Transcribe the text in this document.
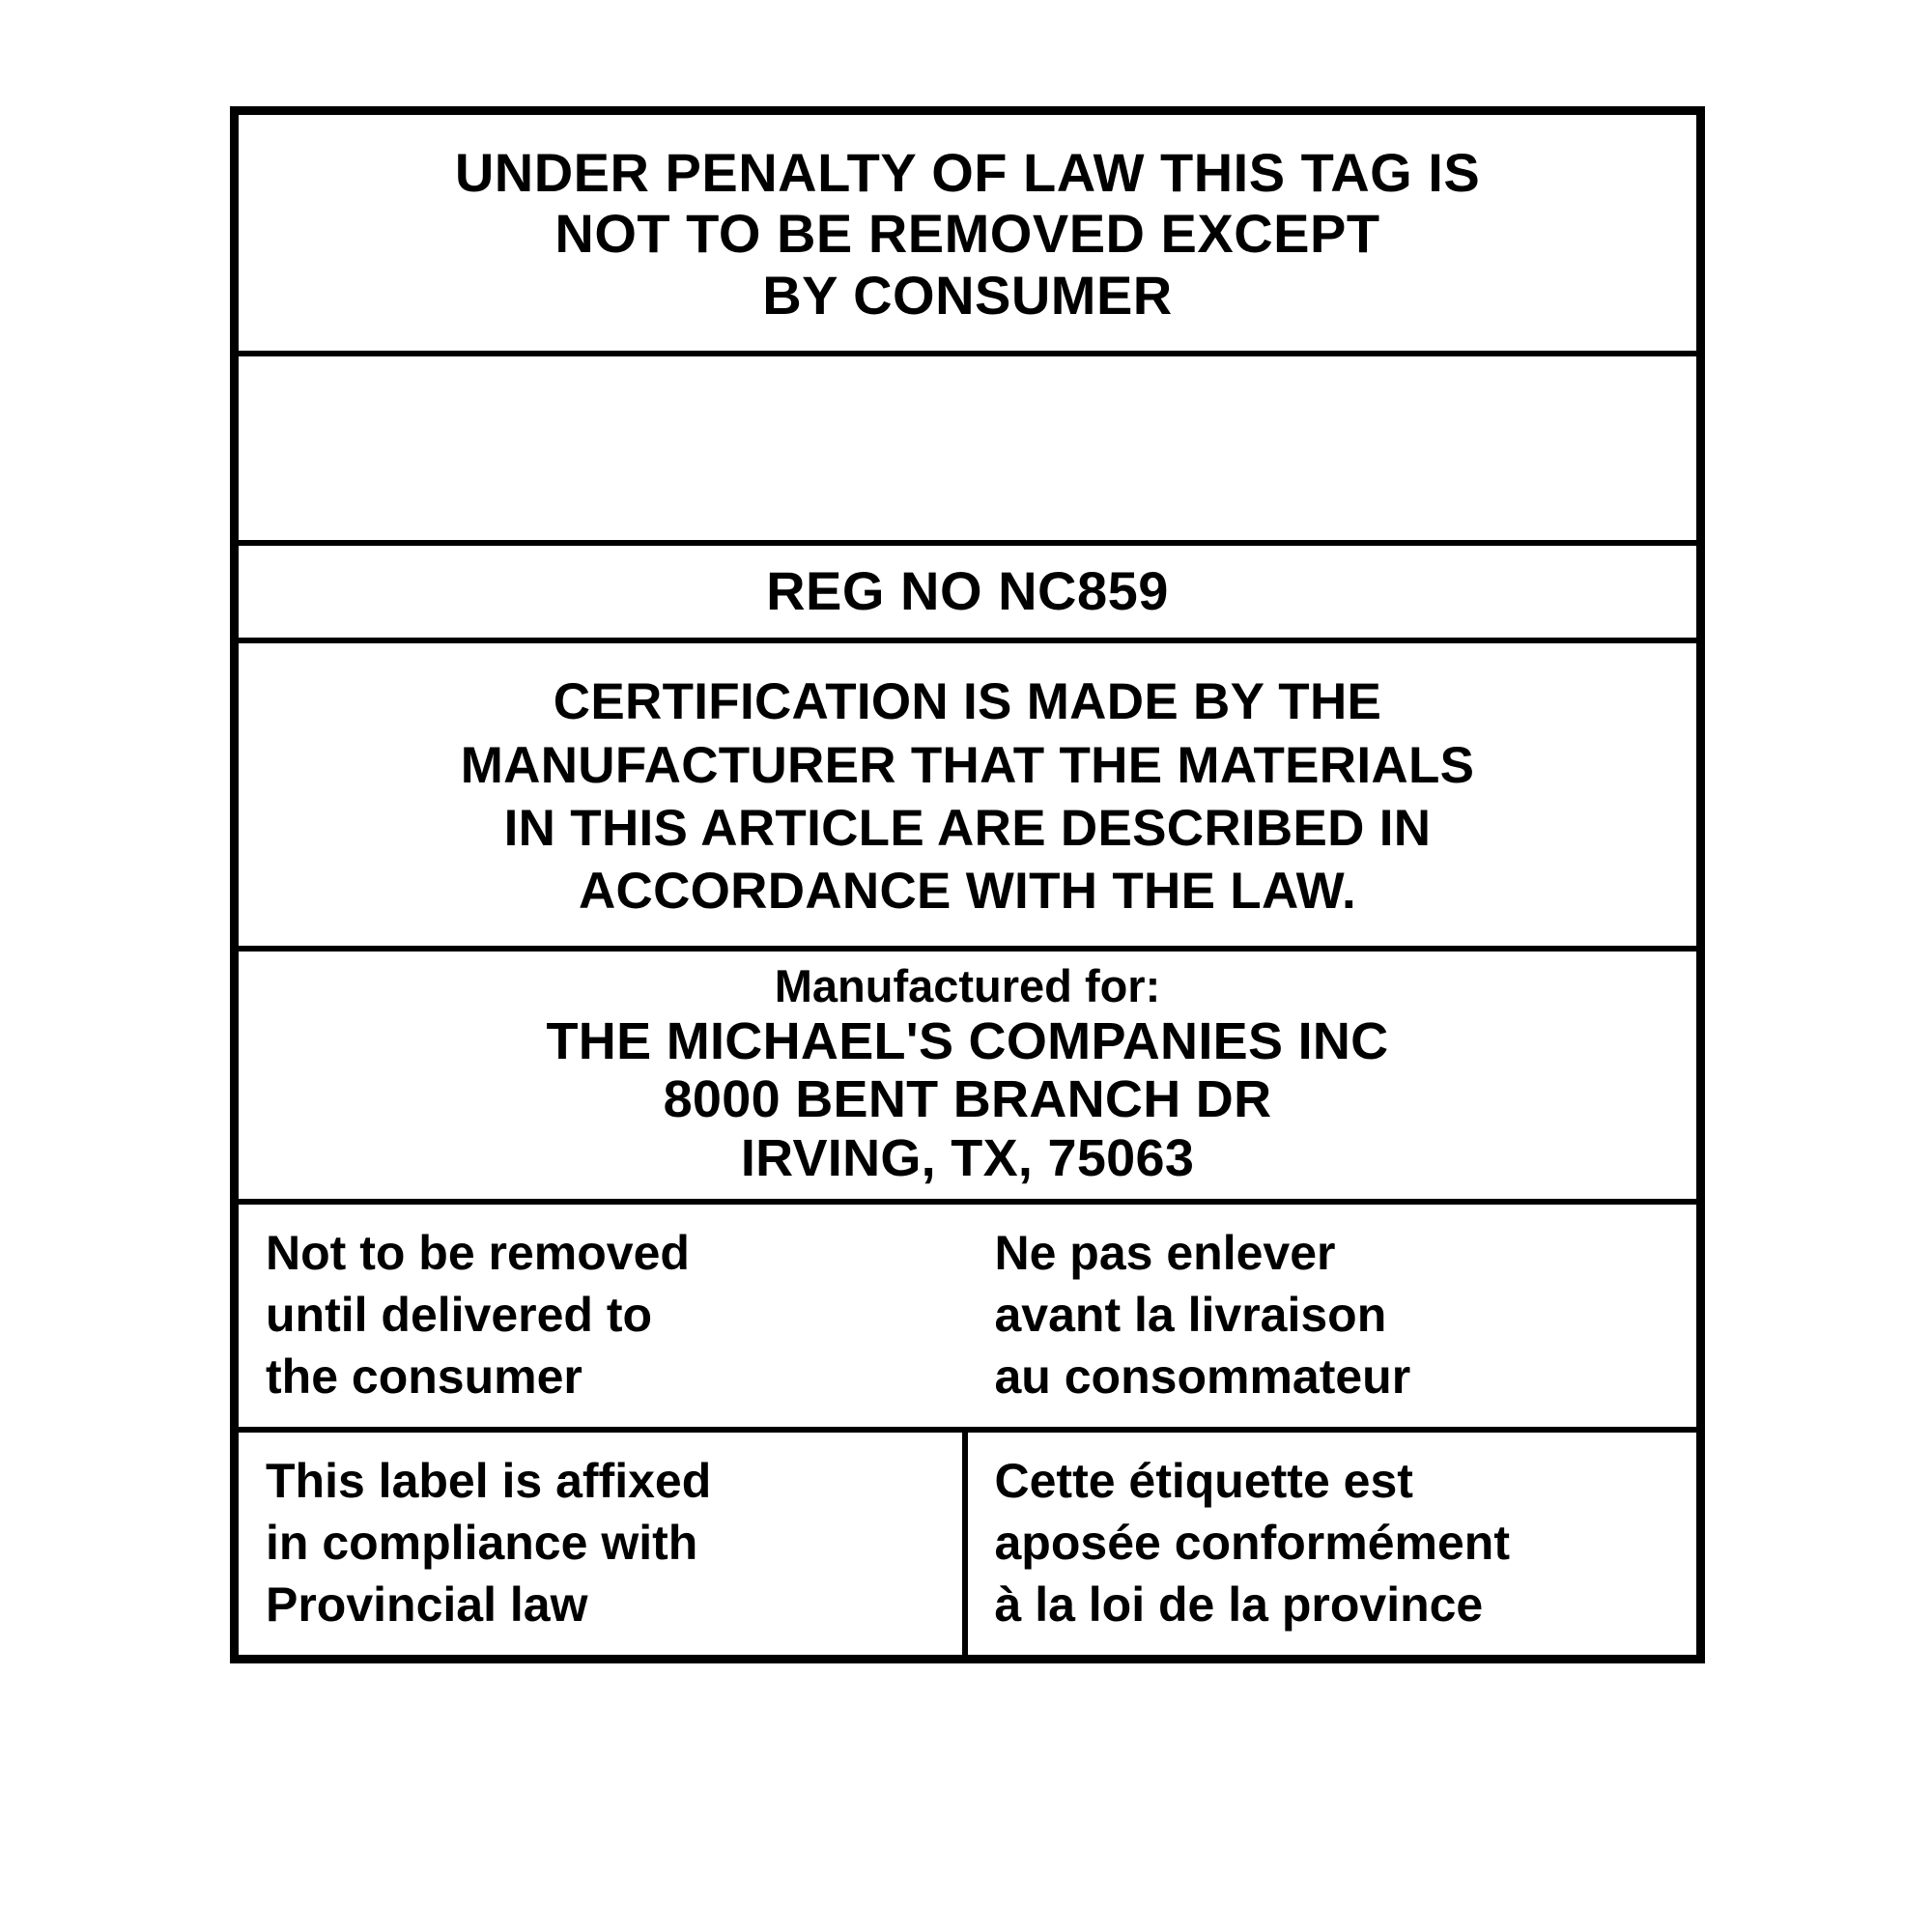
UNDER PENALTY OF LAW THIS TAG IS
NOT TO BE REMOVED EXCEPT
BY CONSUMER
REG NO NC859
CERTIFICATION IS MADE BY THE
MANUFACTURER THAT THE MATERIALS
IN THIS ARTICLE ARE DESCRIBED IN
ACCORDANCE WITH THE LAW.
Manufactured for:
THE MICHAEL'S COMPANIES INC
8000 BENT BRANCH DR
IRVING, TX, 75063
Not to be removed
until delivered to
the consumer
Ne pas enlever
avant la livraison
au consommateur
This label is affixed
in compliance with
Provincial law
Cette étiquette est
aposée conformément
à la loi de la province
